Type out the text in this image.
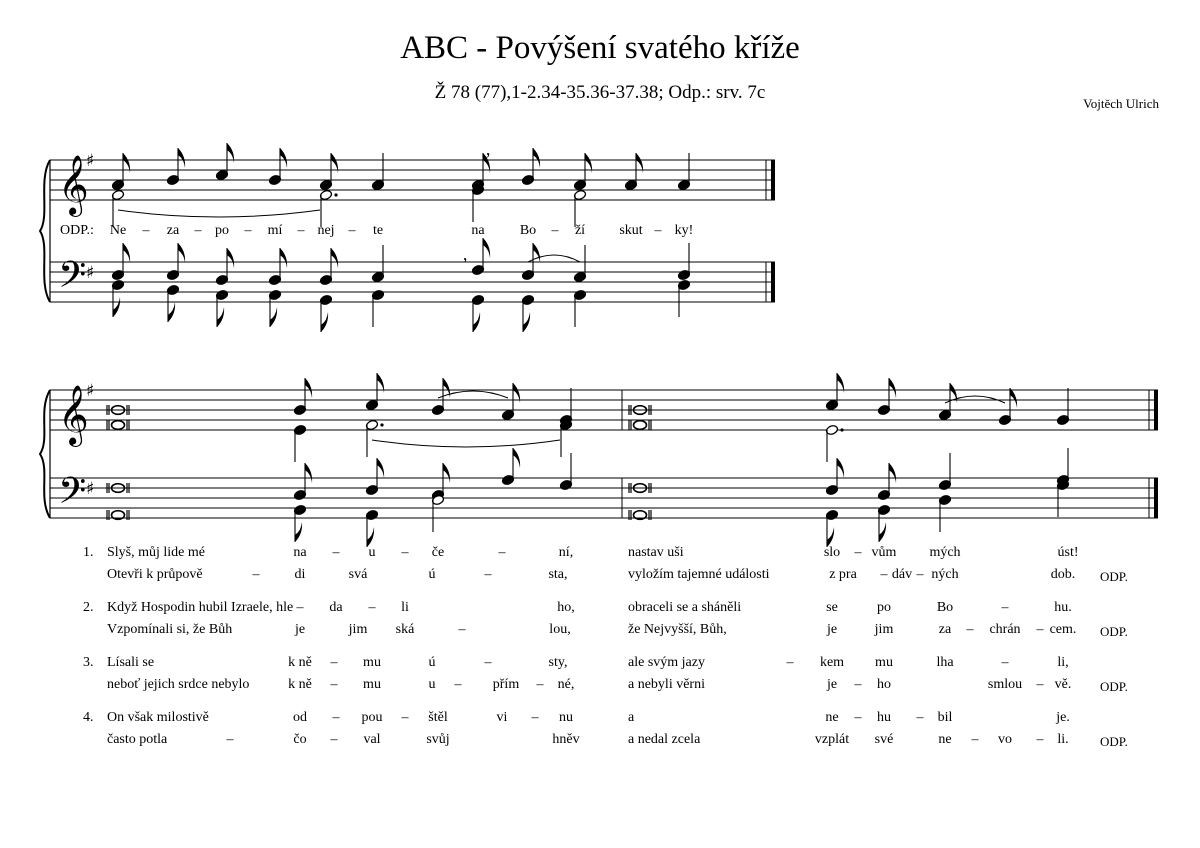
ABC - Povýšení svatého kříže
Ž 78 (77),1-2.34-35.36-37.38; Odp.: srv. 7c
Vojtěch Ulrich
𝄞
𝄢
♯
♯
’
’
𝄞
𝄢
♯
♯
ODP.: Ne – za – po – mí – nej – te	na	Bo – ží skut – ky!
1. Slyš, můj lide mé	na – u – če	–	ní,	nastav uši	slo – vům mých	úst!
Otevři k průpově	–	di	svá	ú	–	sta,	vyložím tajemné události	z pra – dáv – ných	dob. ODP.
2. Když Hospodin hubil Izraele, hle – da – li	ho,	obraceli se a sháněli	se	po	Bo	–	hu.
Vzpomínali si, že Bůh	je	jim ská	–	lou,	že Nejvyšší, Bůh,	je	jim	za – chrán – cem. ODP.
3. Lísali se	k ně – mu	ú	–	sty,	ale svým jazy	– kem mu	lha	–	li,
neboť jejich srdce nebylo	k ně – mu	u – přím – né,	a nebyli věrni	je – ho	smlou – vě. ODP.
4. On však milostivě	od – pou – štěl	vi – nu	a	ne – hu – bil	je.
často potla	–	čo – val	svůj	hněv	a nedal zcela	vzplát své	ne – vo – li. ODP.
